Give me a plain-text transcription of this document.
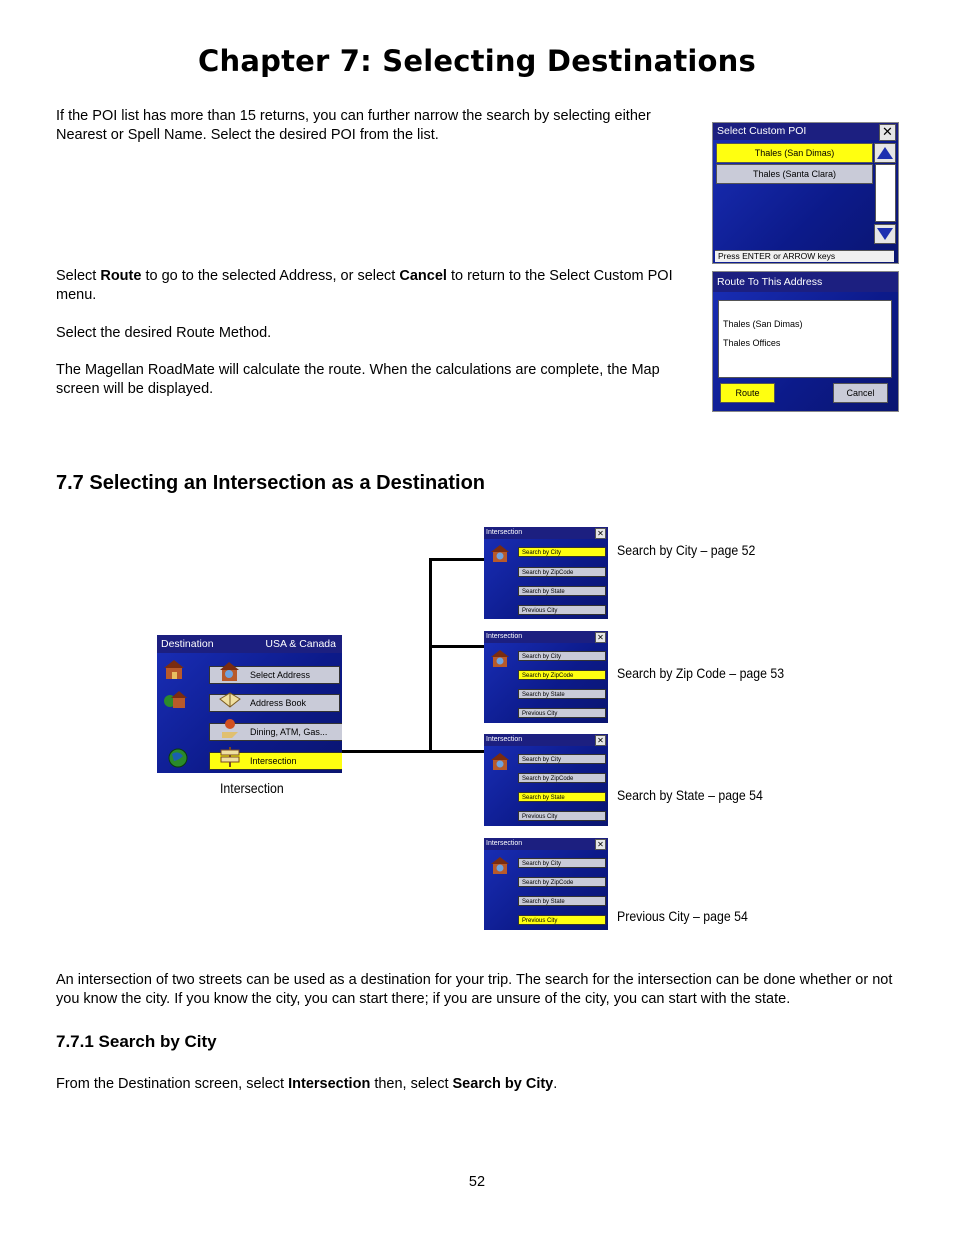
Chapter 7: Selecting Destinations
If the POI list has more than 15 returns, you can further narrow the search by selecting either Nearest or Spell Name. Select the desired POI from the list.	Select Custom POI	✕
Thales (San Dimas)
Thales (Santa Clara)
Press ENTER or ARROW keys
Select Route to go to the selected Address, or select Cancel to return to the Select Custom POI menu.
Select the desired Route Method.
The Magellan RoadMate will calculate the route. When the calculations are complete, the Map screen will be displayed.
Route To This Address
Thales (San Dimas)
Thales Offices
Route	Cancel
7.7 Selecting an Intersection as a Destination
Destination	USA & Canada
Select Address
Address Book
Dining, ATM, Gas...
Intersection
Intersection
Intersection	✕
Search by City
Search by ZipCode
Search by State
Previous City
Intersection	✕
Search by City
Search by ZipCode
Search by State
Previous City
Intersection	✕
Search by City
Search by ZipCode
Search by State
Previous City
Intersection	✕
Search by City
Search by ZipCode
Search by State
Previous City
Search by City – page 52
Search by Zip Code – page 53
Search by State – page 54
Previous City – page 54
An intersection of two streets can be used as a destination for your trip. The search for the intersection can be done whether or not you know the city. If you know the city, you can start there; if you are unsure of the city, you can start with the state.
7.7.1 Search by City
From the Destination screen, select Intersection then, select Search by City.
52
